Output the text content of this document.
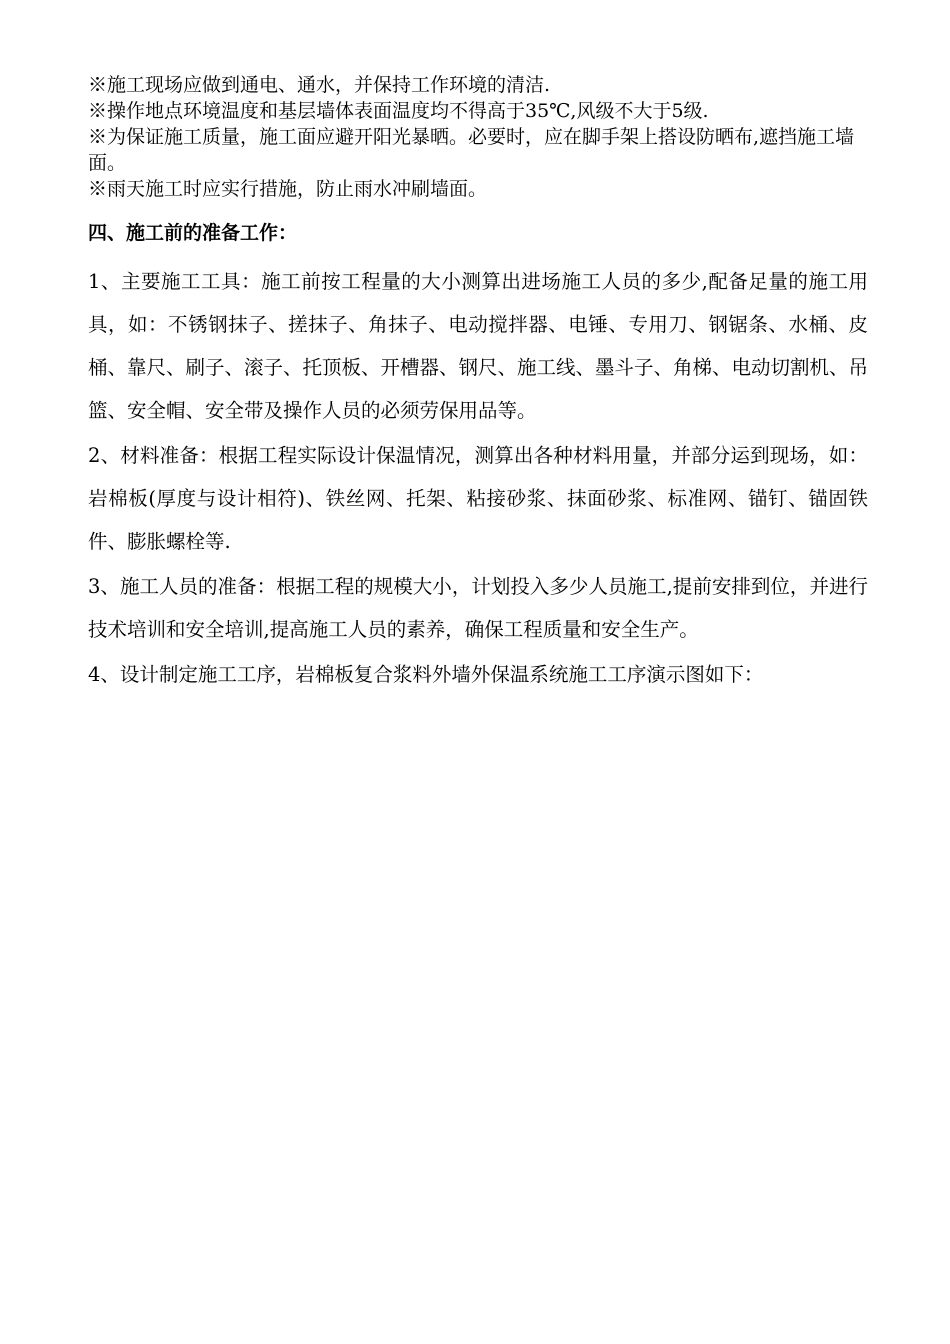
※施工现场应做到通电、通水，并保持工作环境的清洁.

※操作地点环境温度和基层墙体表面温度均不得高于35℃,风级不大于5级.

※为保证施工质量，施工面应避开阳光暴晒。必要时，应在脚手架上搭设防晒布,遮挡施工墙面。

※雨天施工时应实行措施，防止雨水冲刷墙面。

四、施工前的准备工作：

1、主要施工工具：施工前按工程量的大小测算出进场施工人员的多少,配备足量的施工用具，如：不锈钢抹子、搓抹子、角抹子、电动搅拌器、电锤、专用刀、钢锯条、水桶、皮桶、靠尺、刷子、滚子、托顶板、开槽器、钢尺、施工线、墨斗子、角梯、电动切割机、吊篮、安全帽、安全带及操作人员的必须劳保用品等。

2、材料准备：根据工程实际设计保温情况，测算出各种材料用量，并部分运到现场，如：岩棉板(厚度与设计相符)、铁丝网、托架、粘接砂浆、抹面砂浆、标准网、锚钉、锚固铁件、膨胀螺栓等.

3、施工人员的准备：根据工程的规模大小，计划投入多少人员施工,提前安排到位，并进行技术培训和安全培训,提高施工人员的素养，确保工程质量和安全生产。

4、设计制定施工工序，岩棉板复合浆料外墙外保温系统施工工序演示图如下：
